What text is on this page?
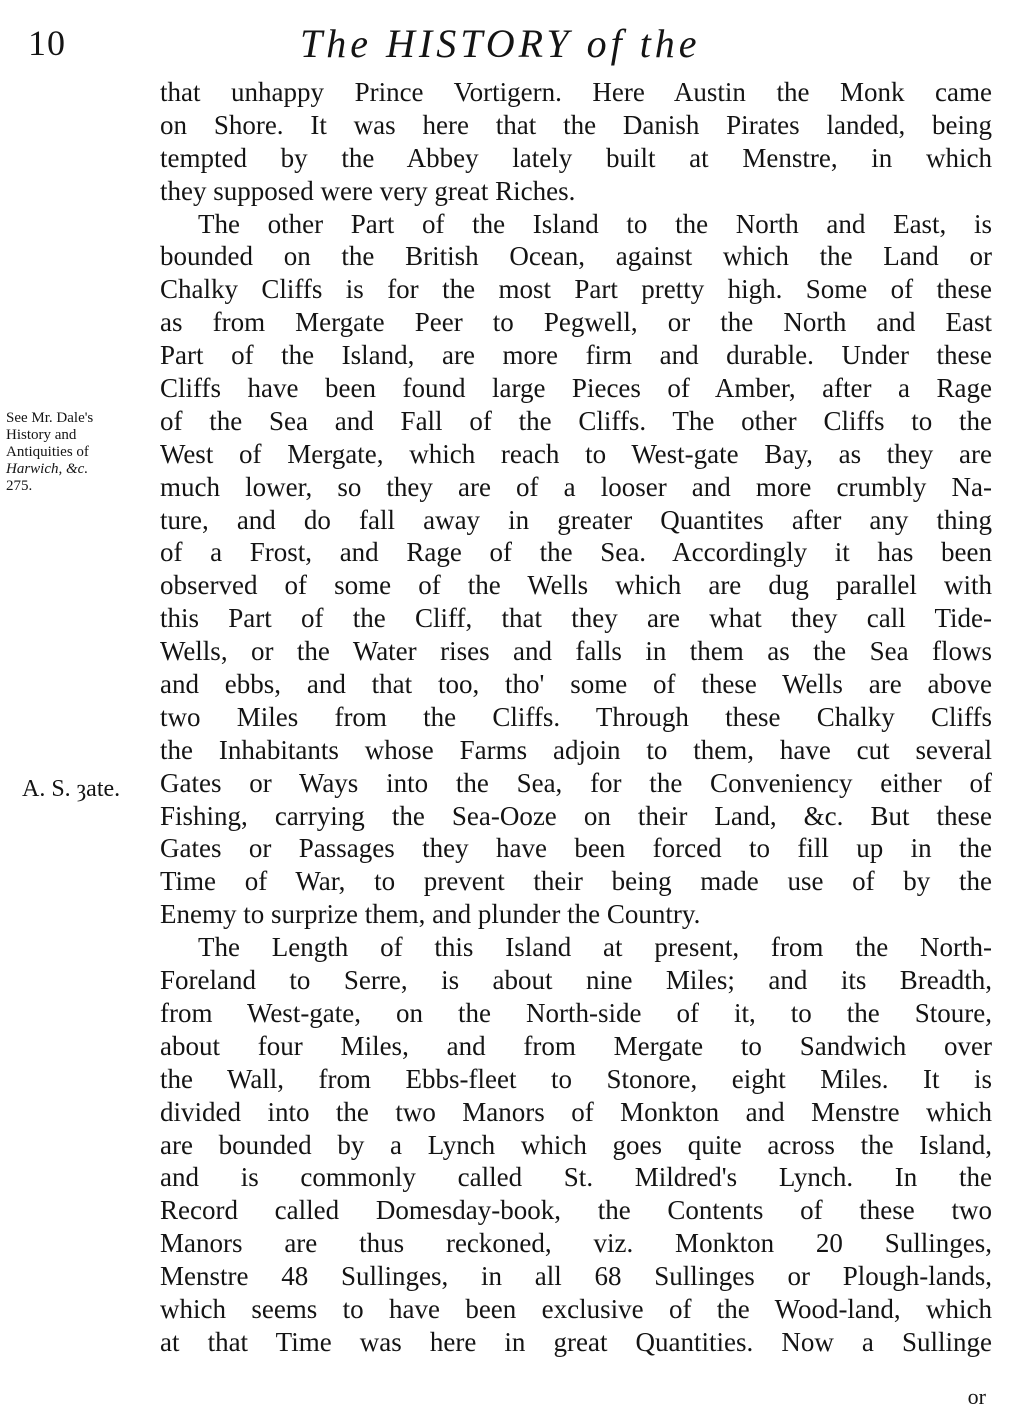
10	The HISTORY of the
See Mr. Dale's
History and
Antiquities of
Harwich, &c.
275.
A. S. ȝate.
that unhappy Prince Vortigern. Here Austin the Monk came
on Shore. It was here that the Danish Pirates landed, being
tempted by the Abbey lately built at Menstre, in which
they supposed were very great Riches.
The other Part of the Island to the North and East, is
bounded on the British Ocean, against which the Land or
Chalky Cliffs is for the most Part pretty high. Some of these
as from Mergate Peer to Pegwell, or the North and East
Part of the Island, are more firm and durable. Under these
Cliffs have been found large Pieces of Amber, after a Rage
of the Sea and Fall of the Cliffs. The other Cliffs to the
West of Mergate, which reach to West-gate Bay, as they are
much lower, so they are of a looser and more crumbly Na-
ture, and do fall away in greater Quantites after any thing
of a Frost, and Rage of the Sea. Accordingly it has been
observed of some of the Wells which are dug parallel with
this Part of the Cliff, that they are what they call Tide-
Wells, or the Water rises and falls in them as the Sea flows
and ebbs, and that too, tho' some of these Wells are above
two Miles from the Cliffs. Through these Chalky Cliffs
the Inhabitants whose Farms adjoin to them, have cut several
Gates or Ways into the Sea, for the Conveniency either of
Fishing, carrying the Sea-Ooze on their Land, &c. But these
Gates or Passages they have been forced to fill up in the
Time of War, to prevent their being made use of by the
Enemy to surprize them, and plunder the Country.
The Length of this Island at present, from the North-
Foreland to Serre, is about nine Miles; and its Breadth,
from West-gate, on the North-side of it, to the Stoure,
about four Miles, and from Mergate to Sandwich over
the Wall, from Ebbs-fleet to Stonore, eight Miles. It is
divided into the two Manors of Monkton and Menstre which
are bounded by a Lynch which goes quite across the Island,
and is commonly called St. Mildred's Lynch. In the
Record called Domesday-book, the Contents of these two
Manors are thus reckoned, viz. Monkton 20 Sullinges,
Menstre 48 Sullinges, in all 68 Sullinges or Plough-lands,
which seems to have been exclusive of the Wood-land, which
at that Time was here in great Quantities. Now a Sullinge
or
